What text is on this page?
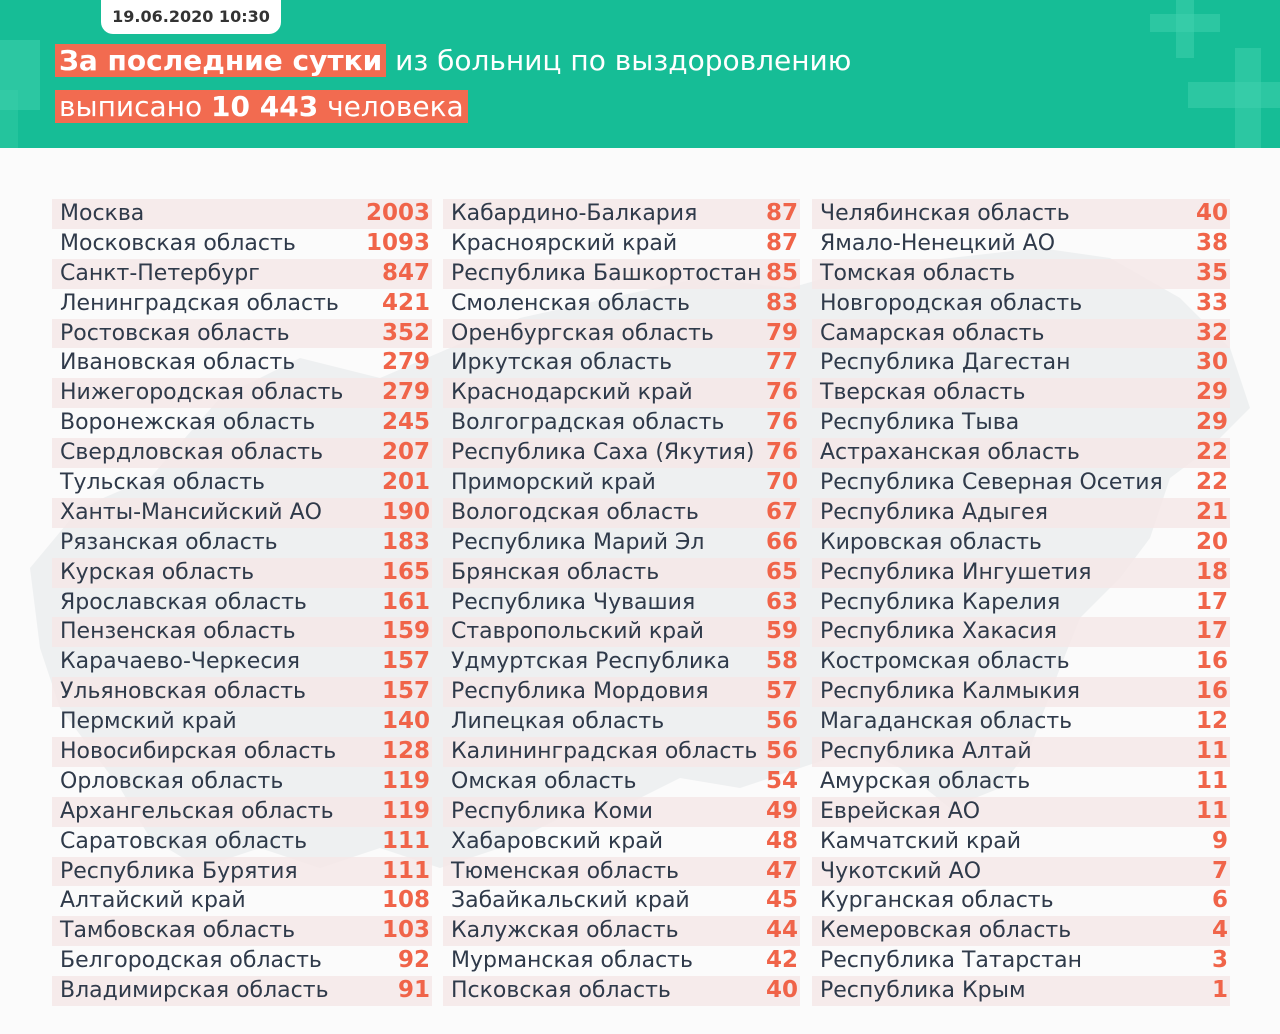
19.06.2020 10:30
За последние сутки из больниц по выздоровлению
выписано 10 443 человека
Москва	2003
Московская область	1093
Санкт-Петербург	847
Ленинградская область 421
Ростовская область	352
Ивановская область	279
Нижегородская область 279
Воронежская область	245
Свердловская область	207
Тульская область	201
Ханты-Мансийский АО	190
Рязанская область	183
Курская область	165
Ярославская область	161
Пензенская область	159
Карачаево-Черкесия	157
Ульяновская область	157
Пермский край	140
Новосибирская область 128
Орловская область	119
Архангельская область 119
Саратовская область	111
Республика Бурятия	111
Алтайский край	108
Тамбовская область	103
Белгородская область	92
Владимирская область	91
Кабардино-Балкария	87
Красноярский край	87
Республика Башкортостан 85
Смоленская область	83
Оренбургская область 79
Иркутская область	77
Краснодарский край	76
Волгоградская область 76
Республика Саха (Якутия) 76
Приморский край	70
Вологодская область	67
Республика Марий Эл	66
Брянская область	65
Республика Чувашия	63
Ставропольский край	59
Удмуртская Республика 58
Республика Мордовия 57
Липецкая область	56
Калининградская область 56
Омская область	54
Республика Коми	49
Хабаровский край	48
Тюменская область	47
Забайкальский край	45
Калужская область	44
Мурманская область	42
Псковская область	40
Челябинская область	40
Ямало-Ненецкий АО	38
Томская область	35
Новгородская область	33
Самарская область	32
Республика Дагестан	30
Тверская область	29
Республика Тыва	29
Астраханская область	22
Республика Северная Осетия 22
Республика Адыгея	21
Кировская область	20
Республика Ингушетия	18
Республика Карелия	17
Республика Хакасия	17
Костромская область	16
Республика Калмыкия	16
Магаданская область	12
Республика Алтай	11
Амурская область	11
Еврейская АО	11
Камчатский край	9
Чукотский АО	7
Курганская область	6
Кемеровская область	4
Республика Татарстан	3
Республика Крым	1
